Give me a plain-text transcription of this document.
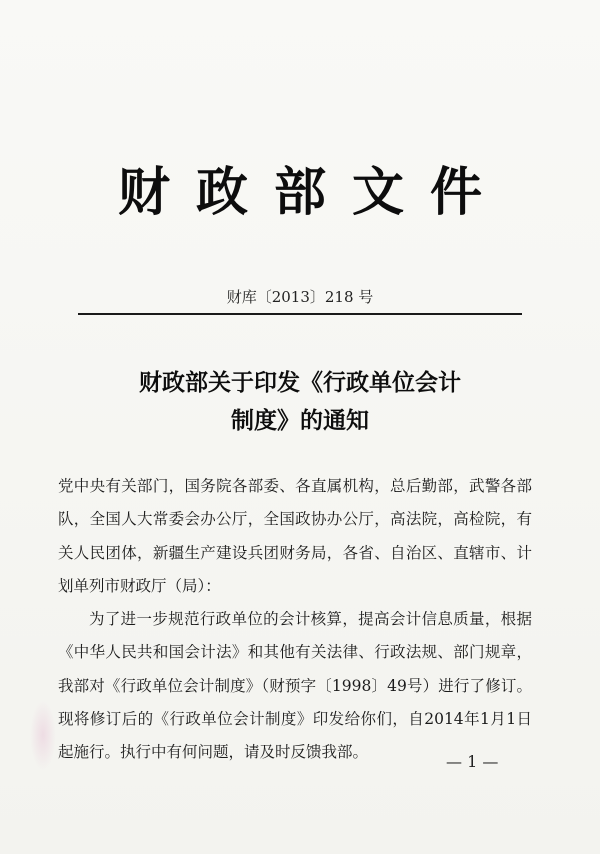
财政部文件
财库〔2013〕218 号
财政部关于印发《行政单位会计
制度》的通知

党中央有关部门，国务院各部委、各直属机构，总后勤部，武警各部队，全国人大常委会办公厅，全国政协办公厅，高法院，高检院，有关人民团体，新疆生产建设兵团财务局，各省、自治区、直辖市、计划单列市财政厅（局）：

为了进一步规范行政单位的会计核算，提高会计信息质量，根据《中华人民共和国会计法》和其他有关法律、行政法规、部门规章，我部对《行政单位会计制度》（财预字〔1998〕49号）进行了修订。现将修订后的《行政单位会计制度》印发给你们，自2014年1月1日起施行。执行中有何问题，请及时反馈我部。	— 1 —
